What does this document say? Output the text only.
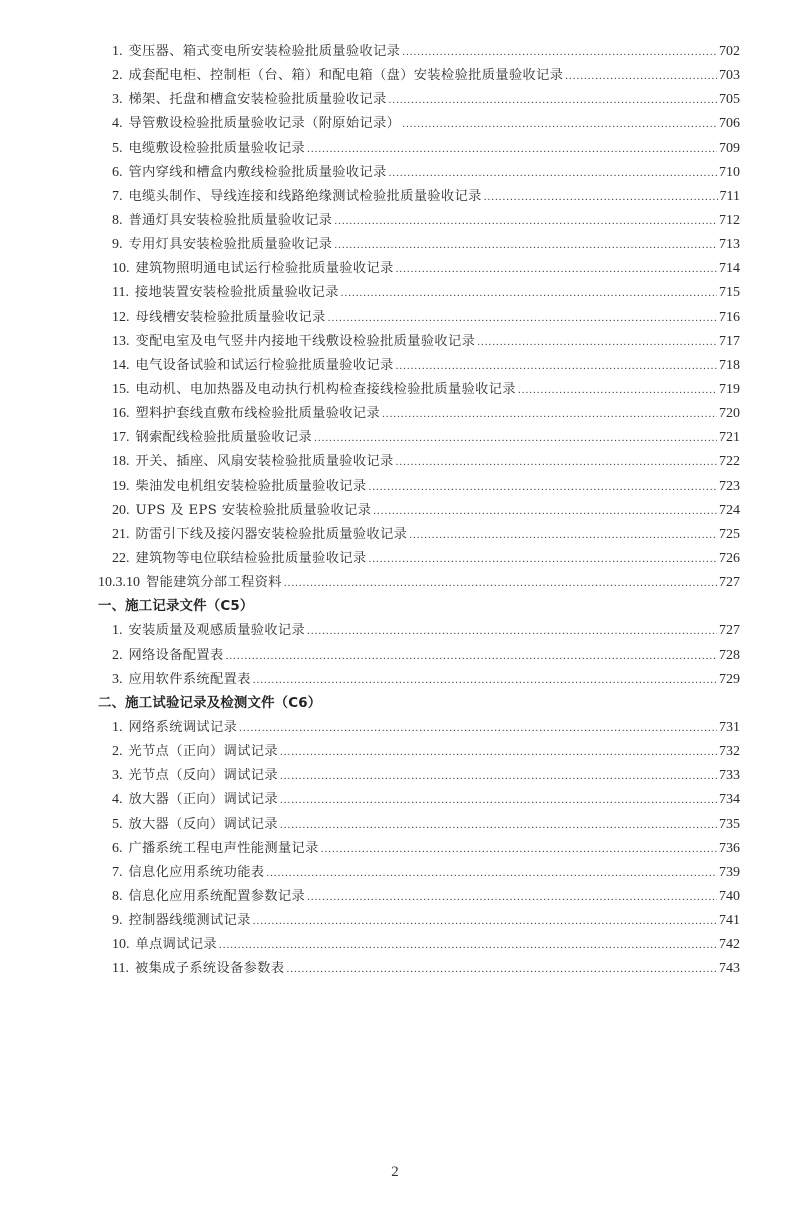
1. 变压器、箱式变电所安装检验批质量验收记录 .....	702
2. 成套配电柜、控制柜（台、箱）和配电箱（盘）安装检验批质量验收记录 .....	703
3. 梯架、托盘和槽盒安装检验批质量验收记录 .....	705
4. 导管敷设检验批质量验收记录（附原始记录） .....	706
5. 电缆敷设检验批质量验收记录 .....	709
6. 管内穿线和槽盒内敷线检验批质量验收记录 .....	710
7. 电缆头制作、导线连接和线路绝缘测试检验批质量验收记录 .....	711
8. 普通灯具安装检验批质量验收记录 .....	712
9. 专用灯具安装检验批质量验收记录 .....	713
10. 建筑物照明通电试运行检验批质量验收记录 .....	714
11. 接地装置安装检验批质量验收记录 .....	715
12. 母线槽安装检验批质量验收记录 .....	716
13. 变配电室及电气竖井内接地干线敷设检验批质量验收记录 .....	717
14. 电气设备试验和试运行检验批质量验收记录 .....	718
15. 电动机、电加热器及电动执行机构检查接线检验批质量验收记录 .....	719
16. 塑料护套线直敷布线检验批质量验收记录 .....	720
17. 钢索配线检验批质量验收记录 .....	721
18. 开关、插座、风扇安装检验批质量验收记录 .....	722
19. 柴油发电机组安装检验批质量验收记录 .....	723
20. UPS 及 EPS 安装检验批质量验收记录 .....	724
21. 防雷引下线及接闪器安装检验批质量验收记录 .....	725
22. 建筑物等电位联结检验批质量验收记录 .....	726
10.3.10 智能建筑分部工程资料 .....	727
一、施工记录文件（C5）
1. 安装质量及观感质量验收记录 .....	727
2. 网络设备配置表 .....	728
3. 应用软件系统配置表 .....	729
二、施工试验记录及检测文件（C6）
1. 网络系统调试记录 .....	731
2. 光节点（正向）调试记录 .....	732
3. 光节点（反向）调试记录 .....	733
4. 放大器（正向）调试记录 .....	734
5. 放大器（反向）调试记录 .....	735
6. 广播系统工程电声性能测量记录 .....	736
7. 信息化应用系统功能表 .....	739
8. 信息化应用系统配置参数记录 .....	740
9. 控制器线缆测试记录 .....	741
10. 单点调试记录 .....	742
11. 被集成子系统设备参数表 .....	743
2
